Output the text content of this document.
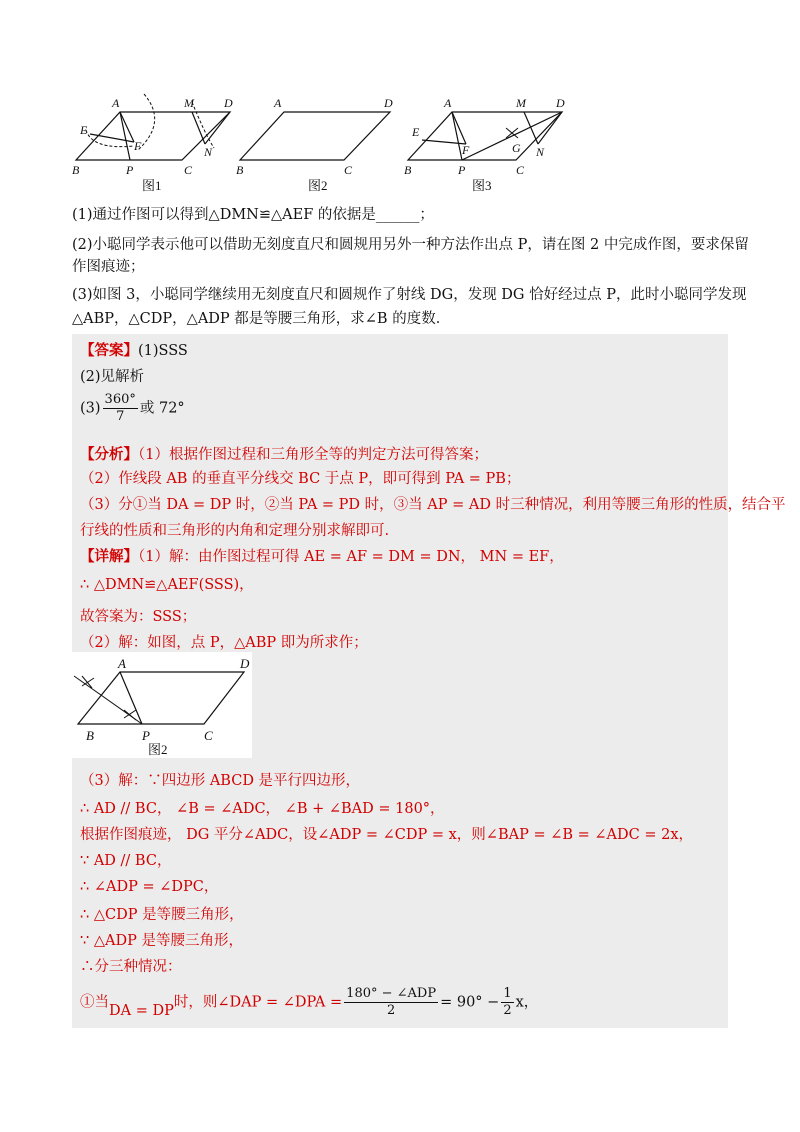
A	M	D
E
F	N
B	P	C
图1
A	D
B	C
图2
A	M	D
E
F	G N
B	P	C
图3
(1)通过作图可以得到△DMN≌△AEF 的依据是______；
(2)小聪同学表示他可以借助无刻度直尺和圆规用另外一种方法作出点 P，请在图 2 中完成作图，要求保留
作图痕迹；
(3)如图 3，小聪同学继续用无刻度直尺和圆规作了射线 DG，发现 DG 恰好经过点 P，此时小聪同学发现
△ABP，△CDP，△ADP 都是等腰三角形，求∠B 的度数．
【答案】(1)SSS
(2)见解析
$(3) \frac{360^\circ}{7}$ 或 72°
【分析】（1）根据作图过程和三角形全等的判定方法可得答案；
（2）作线段 AB 的垂直平分线交 BC 于点 P，即可得到 PA = PB；
（3）分①当 DA = DP 时，②当 PA = PD 时，③当 AP = AD 时三种情况，利用等腰三角形的性质，结合平
行线的性质和三角形的内角和定理分别求解即可.
【详解】（1）解：由作图过程可得 AE = AF = DM = DN， MN = EF，
∴ △DMN≌△AEF(SSS)，
故答案为：SSS；
（2）解：如图，点 P，△ABP 即为所求作；
A	D
B	P	C
图2
（3）解：∵四边形 ABCD 是平行四边形，
∴ AD // BC， ∠B = ∠ADC， ∠B + ∠BAD = 180°，
根据作图痕迹， DG 平分∠ADC，设∠ADP = ∠CDP = x，则∠BAP = ∠B = ∠ADC = 2x，
∵ AD // BC，
∴ ∠ADP = ∠DPC，
∴ △CDP 是等腰三角形，
∵ △ADP 是等腰三角形，
∴分三种情况：
①当DA = DP时，则∠DAP = ∠DPA = $\frac{\text{180° − ∠ADP}}{2} = 90^\circ - \frac{1}{2}$ x，
